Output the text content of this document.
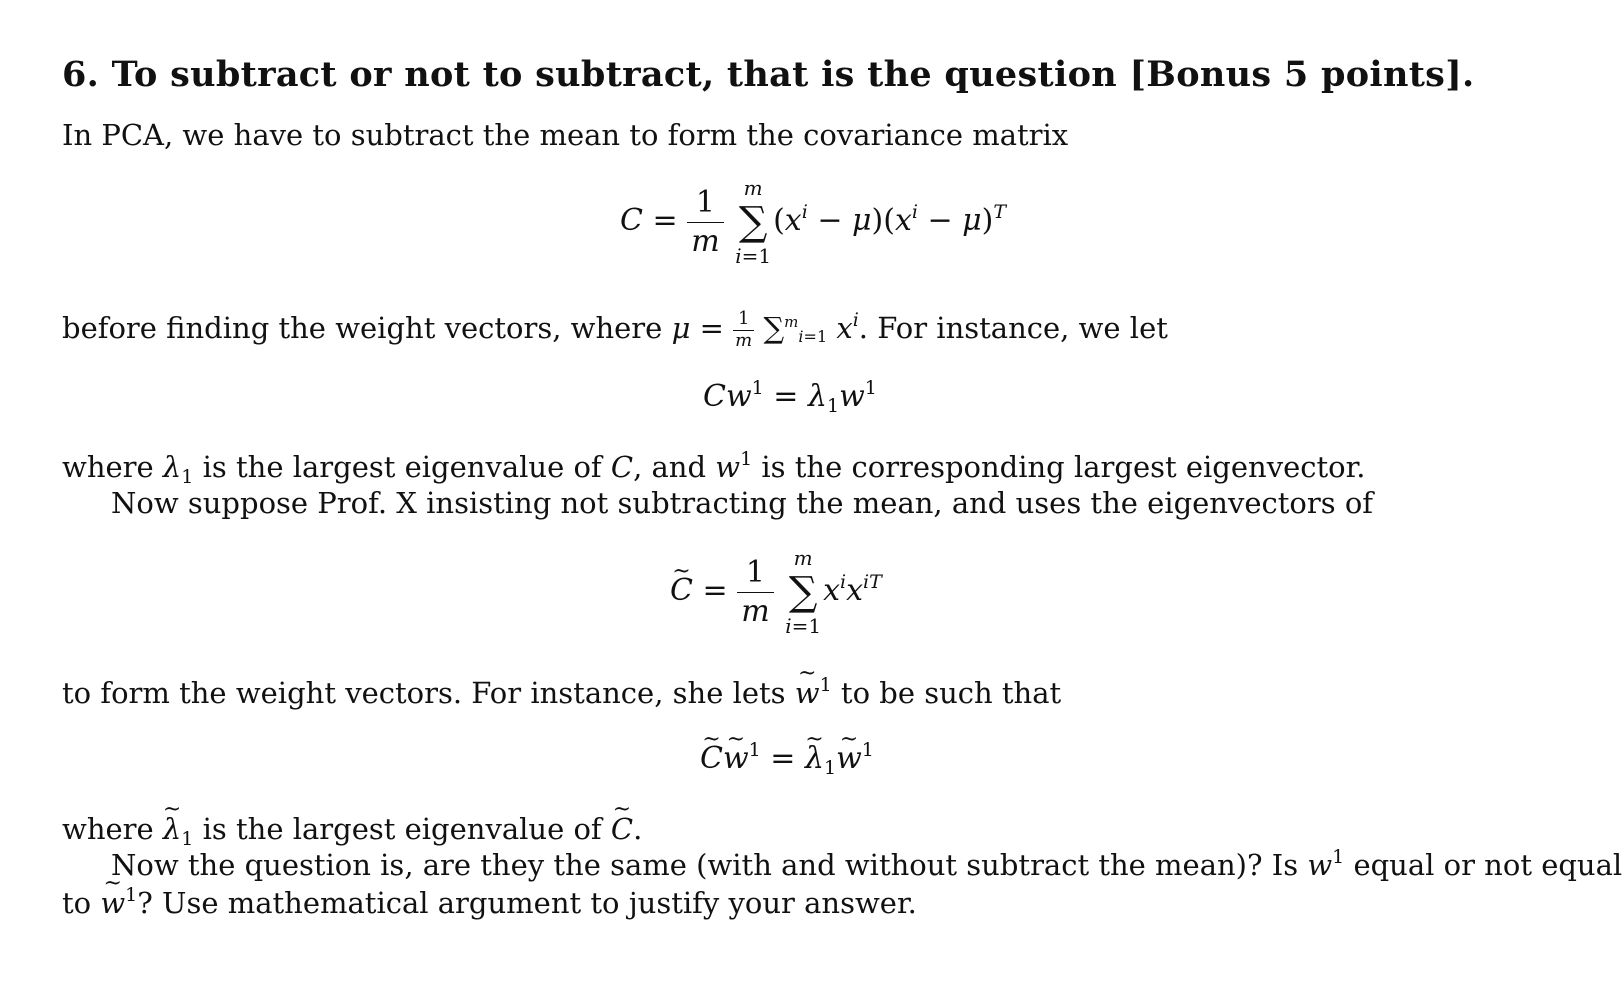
6. To subtract or not to subtract, that is the question [Bonus 5 points].
In PCA, we have to subtract the mean to form the covariance matrix
$C = \frac{1}{m}$
	m
∑
i=1
$(x^i - \mu)(x^i - \mu)^T$
before finding the weight vectors, where $\mu = \frac{1}{m} \sum^mi=1$ $x^i$. For instance, we let
$Cw^1 = \lambda_1w^1$
where $\lambda_1$ is the largest eigenvalue of C, and $w^1$ is the corresponding largest eigenvector.
Now suppose Prof. X insisting not subtracting the mean, and uses the eigenvectors of
~ $C = \frac{1}{m}$
	m
∑
i=1
$x^ix^{iT}$
to form the weight vectors. For instance, she lets ~ $w^1$ to be such that
~ C~ $w^1$ = ~ $\lambda_1\sim$ $w^1$
where ~ $\lambda_1$ is the largest eigenvalue of ~ C.
Now the question is, are they the same (with and without subtract the mean)? Is $w^1$ equal or not equal
to ~ $w^1$? Use mathematical argument to justify your answer.
